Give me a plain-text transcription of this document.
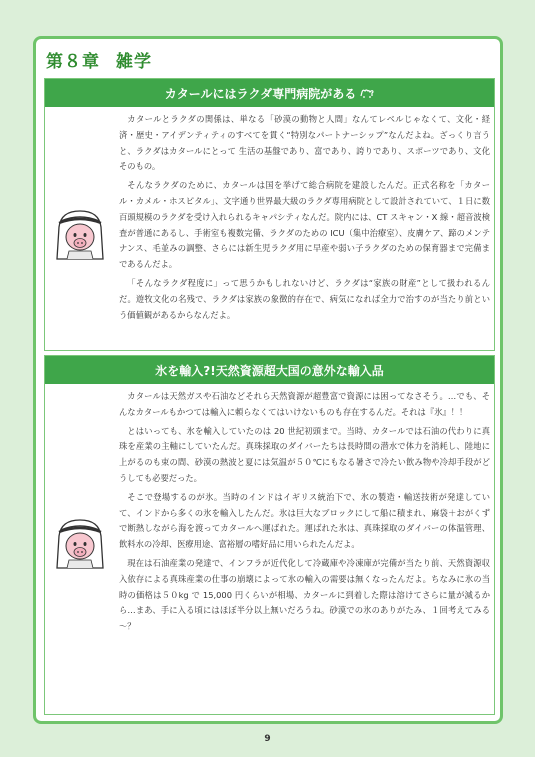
第８章 雑学
カタールにはラクダ専門病院がある

カタールとラクダの関係は、単なる「砂漠の動物と人間」なんてレベルじゃなくて、文化・経済・歴史・アイデンティティのすべてを貫く“特別なパートナーシップ”なんだよね。ざっくり言うと、ラクダはカタールにとって 生活の基盤であり、富であり、誇りであり、スポーツであり、文化そのもの。

そんなラクダのために、カタールは国を挙げて総合病院を建設したんだ。正式名称を「カタール・カメル・ホスピタル」、文字通り世界最大級のラクダ専用病院として設計されていて、１日に数百頭規模のラクダを受け入れられるキャパシティなんだ。院内には、CT スキャン・X 線・超音波検査が普通にあるし、手術室も複数完備、ラクダのための ICU（集中治療室）、皮膚ケア、蹄のメンテナンス、毛並みの調整、さらには新生児ラクダ用に早産や弱い子ラクダのための保育器まで完備まであるんだよ。

「そんなラクダ程度に」って思うかもしれないけど、ラクダは“家族の財産”として扱われるんだ。遊牧文化の名残で、ラクダは家族の象徴的存在で、病気になれば全力で治すのが当たり前という価値観があるからなんだよ。

氷を輸入?!天然資源超大国の意外な輸入品

カタールは天然ガスや石油などそれら天然資源が超豊富で資源には困ってなさそう。…でも、そんなカタールもかつては輸入に頼らなくてはいけないものも存在するんだ。それは『氷』！！

とはいっても、氷を輸入していたのは 20 世紀初頭まで。当時、カタールでは石油の代わりに真珠を産業の主軸にしていたんだ。真珠採取のダイバーたちは長時間の潜水で体力を消耗し、陸地に上がるのも束の間、砂漠の熱波と夏には気温が５０℃にもなる暑さで冷たい飲み物や冷却手段がどうしても必要だった。

そこで登場するのが氷。当時のインドはイギリス統治下で、氷の製造・輸送技術が発達していて、インドから多くの氷を輸入したんだ。氷は巨大なブロックにして船に積まれ、麻袋＋おがくずで断熱しながら海を渡ってカタールへ運ばれた。運ばれた氷は、真珠採取のダイバーの体温管理、飲料水の冷却、医療用途、富裕層の嗜好品に用いられたんだよ。

現在は石油産業の発達で、インフラが近代化して冷蔵庫や冷凍庫が完備が当たり前、天然資源収入依存による真珠産業の仕事の崩壊によって氷の輸入の需要は無くなったんだよ。ちなみに氷の当時の価格は５０kg で 15,000 円くらいが相場、カタールに到着した際は溶けてさらに量が減るから…まあ、手に入る頃にはほぼ半分以上無いだろうね。砂漠での氷のありがたみ、１回考えてみる～？

9
